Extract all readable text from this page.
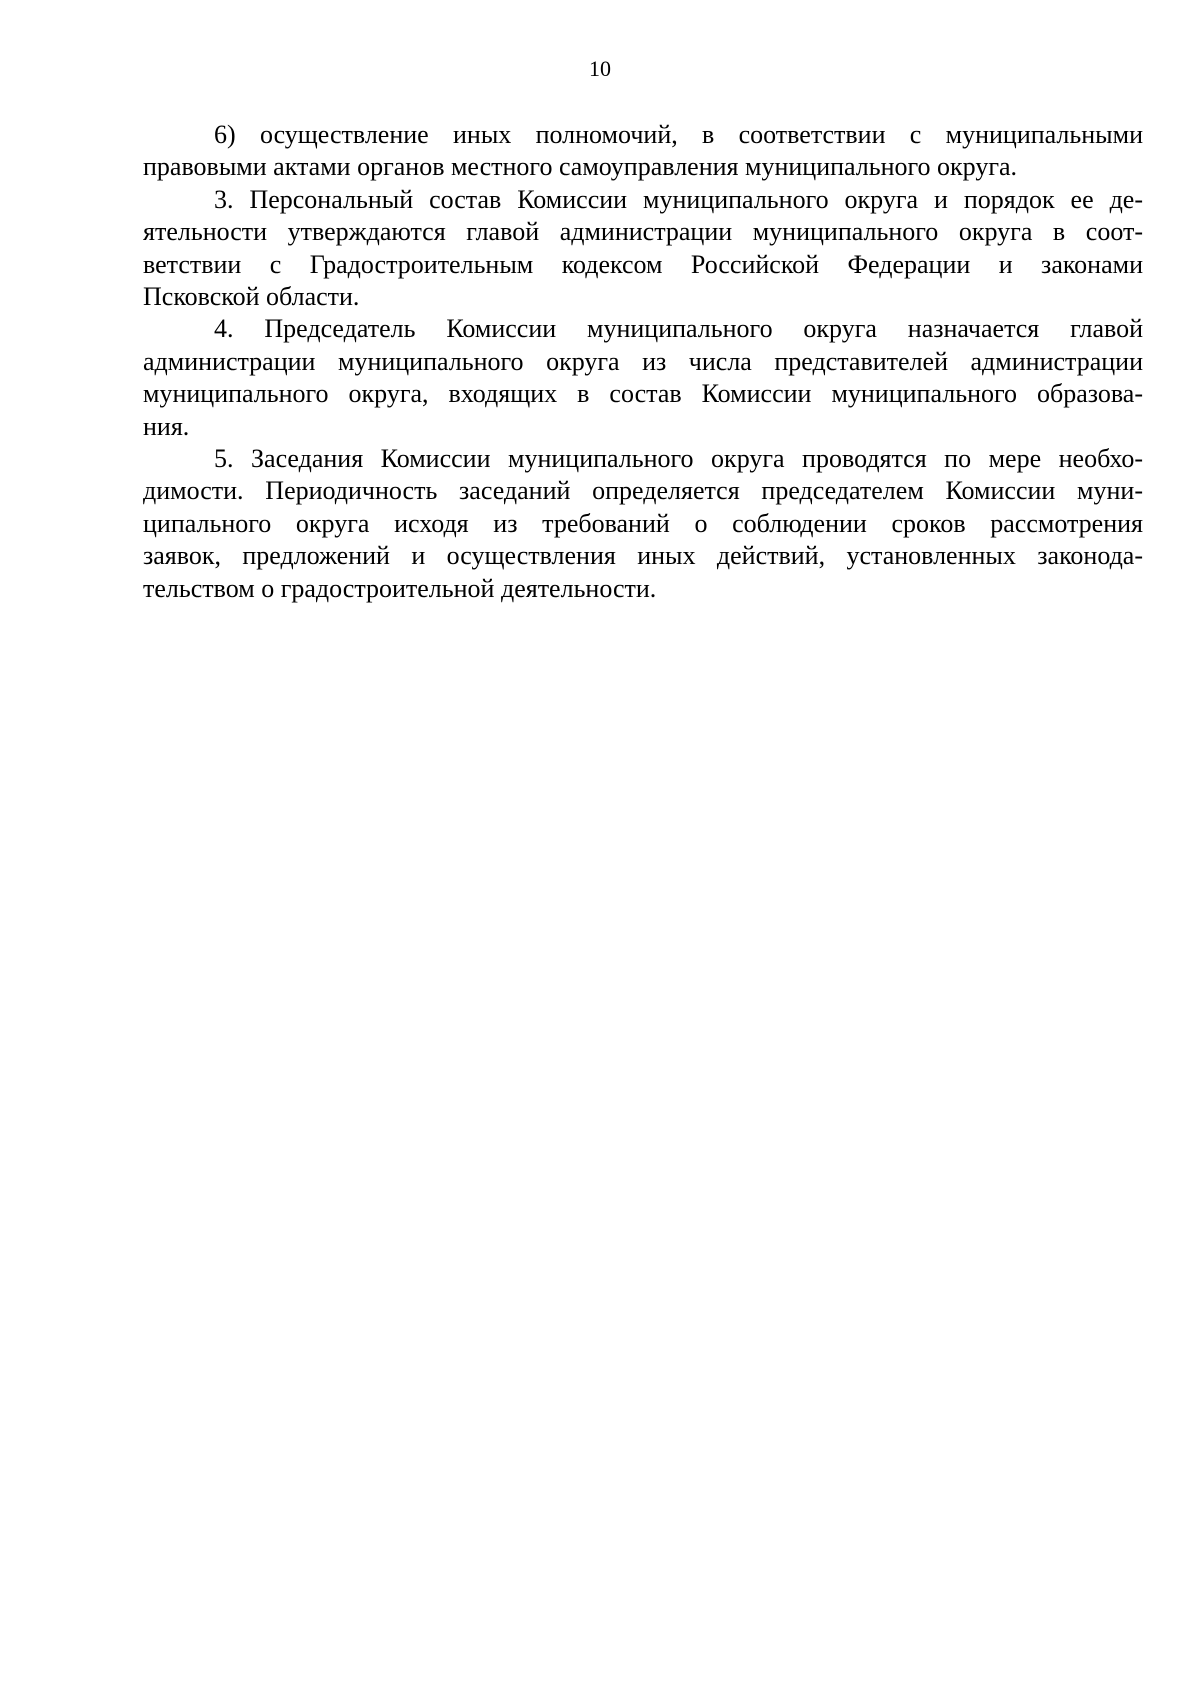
10
6) осуществление иных полномочий, в соответствии с муниципальными
правовыми актами органов местного самоуправления муниципального округа.
3. Персональный состав Комиссии муниципального округа и порядок ее де-
ятельности утверждаются главой администрации муниципального округа в соот-
ветствии с Градостроительным кодексом Российской Федерации и законами
Псковской области.
4. Председатель Комиссии муниципального округа назначается главой
администрации муниципального округа из числа представителей администрации
муниципального округа, входящих в состав Комиссии муниципального образова-
ния.
5. Заседания Комиссии муниципального округа проводятся по мере необхо-
димости. Периодичность заседаний определяется председателем Комиссии муни-
ципального округа исходя из требований о соблюдении сроков рассмотрения
заявок, предложений и осуществления иных действий, установленных законода-
тельством о градостроительной деятельности.
